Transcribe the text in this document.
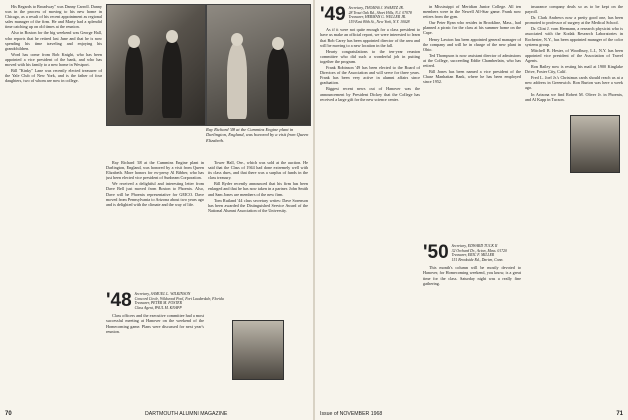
His Regards to Broadway" was Danny Carroll. Danny was in the process of moving to his new home in Chicago, as a result of his recent appointment as regional sales manager of the firm. He and Marty had a splendid time catching up on old times at the reunion.

Also in Boston for the big weekend was George Hall, who reports that he retired last June and that he is now spending his time traveling and enjoying his grandchildren.

Word has come from Bob Knight, who has been appointed a vice president of the bank, and who has moved with his family to a new home in Westport.

Bill "Kinky" Lane was recently elected treasurer of the Yale Club of New York, and is the father of four daughters, two of whom are now in college.

Ray Richard '48 at the Cummins Engine plant in Darlington, England, was honored by a visit from Queen Elizabeth.

Ray Richard '48 at the Cummins Engine plant in Darlington, England, was honored by a visit from Queen Elizabeth. More honors for ex-prexy Al Bibber, who has just been elected vice president of Sunbeam Corporation.

We received a delightful and interesting letter from Dave Bell just moved from Boston to Phoenix. Also, Dave will be Phoenix representative for GEICO. Dave moved from Pennsylvania to Arizona about two years ago and is delighted with the climate and the way of life.

Tower Hall, Ore., which was sold at the auction. He said that the Class of 1944 had done extremely well with its class dues, and that there was a surplus of funds in the class treasury.

Bill Ryder recently announced that his firm has been enlarged and that he has now taken in a partner. John Smith and Sam Jones are members of the new firm.

Tom Rutland '44 class secretary writes: Dave Sorenson has been awarded the Distinguished Service Award of the National Alumni Association of the University.

'48 Secretary, SAMUEL L. WILKINSON
Concord Circle, Wildwood Pool, Fort Lauderdale, Florida
Treasurer, PETER M. FOSTER
Class Agent, PAUL M. KNAPP

Class officers and the executive committee had a most successful meeting at Hanover on the weekend of the Homecoming game. Plans were discussed for next year's reunion.

70	DARTMOUTH ALUMNI MAGAZINE
'49 Secretary, THOMAS J. SWARTZ JR.
28 Trout Oak Rd., Short Hills, N.J. 07078
Treasurer, HERMAN G. WELLER JR.
159 East 80th St., New York, N.Y. 10028

As if it were not quite enough for a class president to have us make an official report, we were interested to learn that Bob Carey has been appointed director of the area and will be moving to a new location in the fall.

Hearty congratulations to the ten-year reunion committee who did such a wonderful job in putting together the program.

Frank Robinson '49 has been elected to the Board of Directors of the Association and will serve for three years. Frank has been very active in alumni affairs since graduation.

Biggest recent news out of Hanover was the announcement by President Dickey that the College has received a large gift for the new science center.

in Mississippi of Meridian Junior College. All ten members were in the Newell All-Star game. Frank now retires from the gym.

Our Peter Ryan who resides in Brookline, Mass., had planned a picnic for the class at his summer home on the Cape.

Henry Lawton has been appointed general manager of the company and will be in charge of the new plant in Ohio.

Ted Thompson is now assistant director of admissions at the College, succeeding Eddie Chamberlain, who has retired.

Bill Jones has been named a vice president of the Chase Manhattan Bank, where he has been employed since 1952.

'50 Secretary, EDWARD TUCK II
32 Orchard Dr., Acton, Mass. 01720
Treasurer, ERIC F. MILLER
151 Brookside Rd., Darien, Conn.

This month's column will be mostly devoted to Hanover, for Homecoming weekend, you know, is a great time for the class. Saturday night was a really fine gathering.

insurance company deals so as to be kept on the payroll.

Dr. Clark Andrews now a pretty good one, has been promoted to professor of surgery at the Medical School.

Dr. Clint J. vom Hermann, a research physicist who is associated with the Kodak Research Laboratories in Rochester, N.Y., has been appointed manager of the color systems group.

Mitchell B. Hester, of Woodbury, L.I., N.Y. has been appointed vice president of the Association of Travel Agents.

Ron Bailey now is resting his mail at 1900 Kinglake Drive, Foster City, Calif.

Fred L. Joel Jr.'s Christmas cards should reach us at a new address in Greenwich. Ron Burton was here a week ago.

In Arizona we find Robert M. Oliver Jr. in Phoenix, and Al Kapp in Tucson.

Issue of NOVEMBER 1968	71
